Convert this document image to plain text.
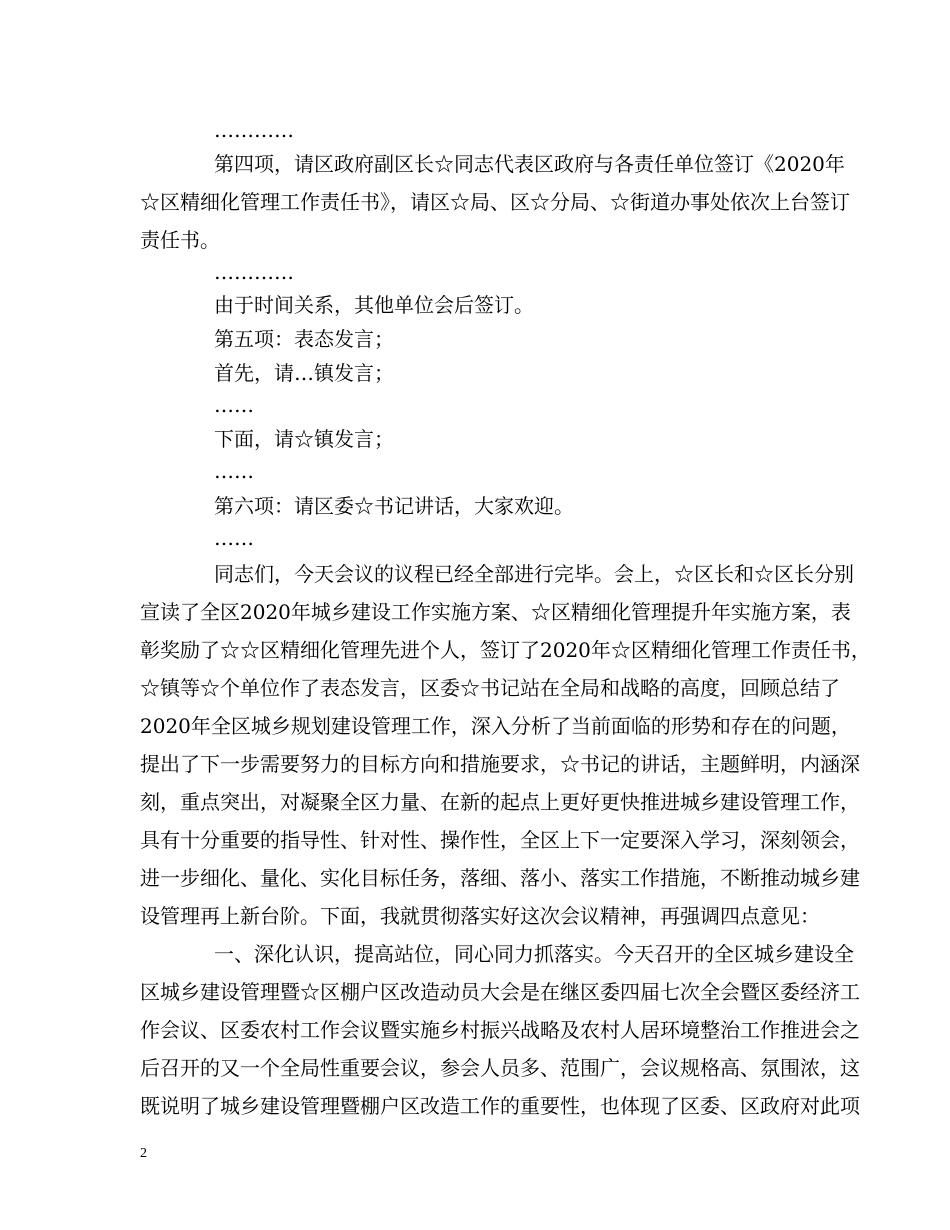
…………
第四项，请区政府副区长☆同志代表区政府与各责任单位签订《2020年
☆区精细化管理工作责任书》，请区☆局、区☆分局、☆街道办事处依次上台签订
责任书。
…………
由于时间关系，其他单位会后签订。
第五项：表态发言；
首先，请…镇发言；
……
下面，请☆镇发言；
……
第六项：请区委☆书记讲话，大家欢迎。
……
同志们，今天会议的议程已经全部进行完毕。会上，☆区长和☆区长分别
宣读了全区2020年城乡建设工作实施方案、☆区精细化管理提升年实施方案，表
彰奖励了☆☆区精细化管理先进个人，签订了2020年☆区精细化管理工作责任书，
☆镇等☆个单位作了表态发言，区委☆书记站在全局和战略的高度，回顾总结了
2020年全区城乡规划建设管理工作，深入分析了当前面临的形势和存在的问题，
提出了下一步需要努力的目标方向和措施要求，☆书记的讲话，主题鲜明，内涵深
刻，重点突出，对凝聚全区力量、在新的起点上更好更快推进城乡建设管理工作，
具有十分重要的指导性、针对性、操作性，全区上下一定要深入学习，深刻领会，
进一步细化、量化、实化目标任务，落细、落小、落实工作措施，不断推动城乡建
设管理再上新台阶。下面，我就贯彻落实好这次会议精神，再强调四点意见：
一、深化认识，提高站位，同心同力抓落实。今天召开的全区城乡建设全
区城乡建设管理暨☆区棚户区改造动员大会是在继区委四届七次全会暨区委经济工
作会议、区委农村工作会议暨实施乡村振兴战略及农村人居环境整治工作推进会之
后召开的又一个全局性重要会议，参会人员多、范围广，会议规格高、氛围浓，这
既说明了城乡建设管理暨棚户区改造工作的重要性，也体现了区委、区政府对此项
2
